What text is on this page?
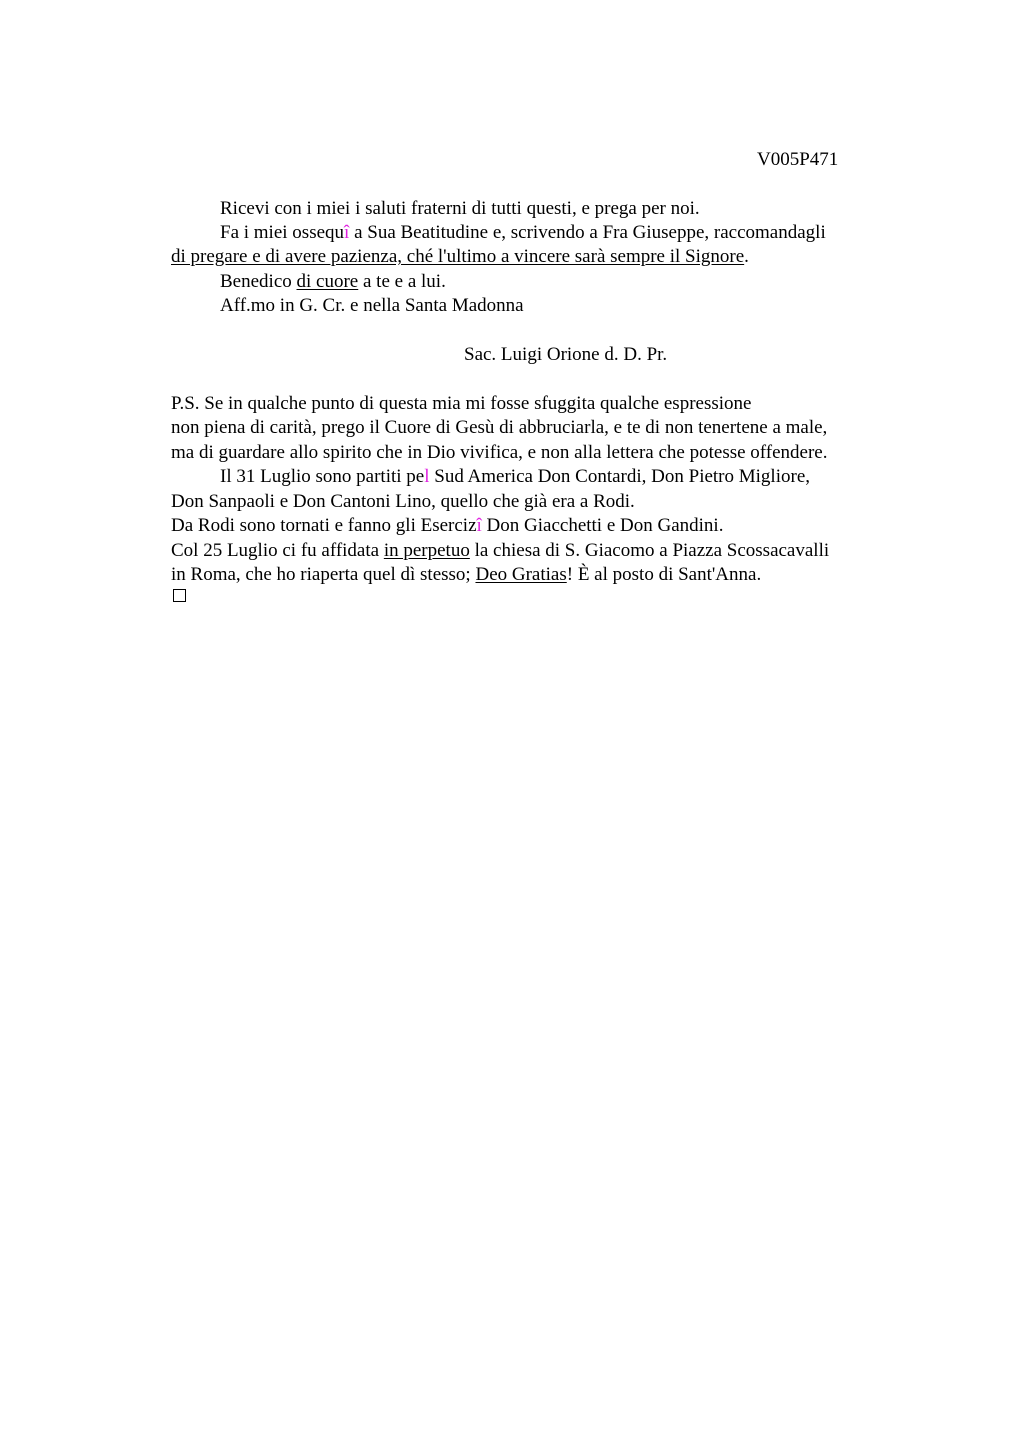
V005P471
Ricevi con i miei i saluti fraterni di tutti questi, e prega per noi.
Fa i miei ossequî a Sua Beatitudine e, scrivendo a Fra Giuseppe, raccomandagli
di pregare e di avere pazienza, ché l'ultimo a vincere sarà sempre il Signore.
Benedico di cuore a te e a lui.
Aff.mo in G. Cr. e nella Santa Madonna
Sac. Luigi Orione d. D. Pr.
P.S. Se in qualche punto di questa mia mi fosse sfuggita qualche espressione
non piena di carità, prego il Cuore di Gesù di abbruciarla, e te di non tenertene a male,
ma di guardare allo spirito che in Dio vivifica, e non alla lettera che potesse offendere.
Il 31 Luglio sono partiti pel Sud America Don Contardi, Don Pietro Migliore,
Don Sanpaoli e Don Cantoni Lino, quello che già era a Rodi.
Da Rodi sono tornati e fanno gli Esercizî Don Giacchetti e Don Gandini.
Col 25 Luglio ci fu affidata in perpetuo la chiesa di S. Giacomo a Piazza Scossacavalli
in Roma, che ho riaperta quel dì stesso; Deo Gratias! È al posto di Sant'Anna.
